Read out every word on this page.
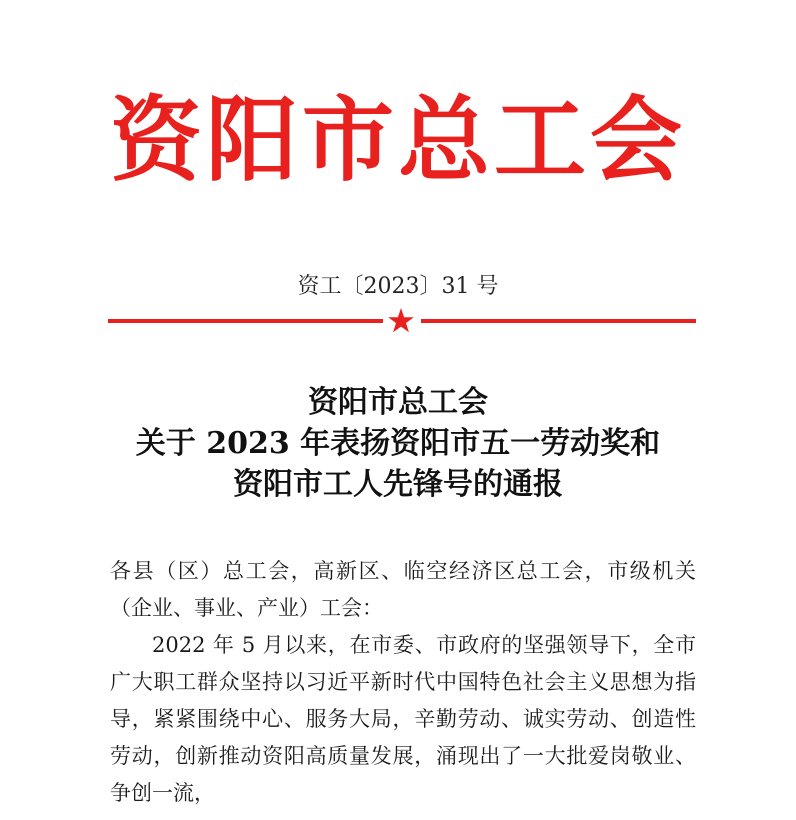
资阳市总工会
资工〔2023〕31 号
资阳市总工会
关于 2023 年表扬资阳市五一劳动奖和
资阳市工人先锋号的通报

各县（区）总工会，高新区、临空经济区总工会，市级机关（企业、事业、产业）工会：

2022 年 5 月以来，在市委、市政府的坚强领导下，全市广大职工群众坚持以习近平新时代中国特色社会主义思想为指导，紧紧围绕中心、服务大局，辛勤劳动、诚实劳动、创造性劳动，创新推动资阳高质量发展，涌现出了一大批爱岗敬业、争创一流，
